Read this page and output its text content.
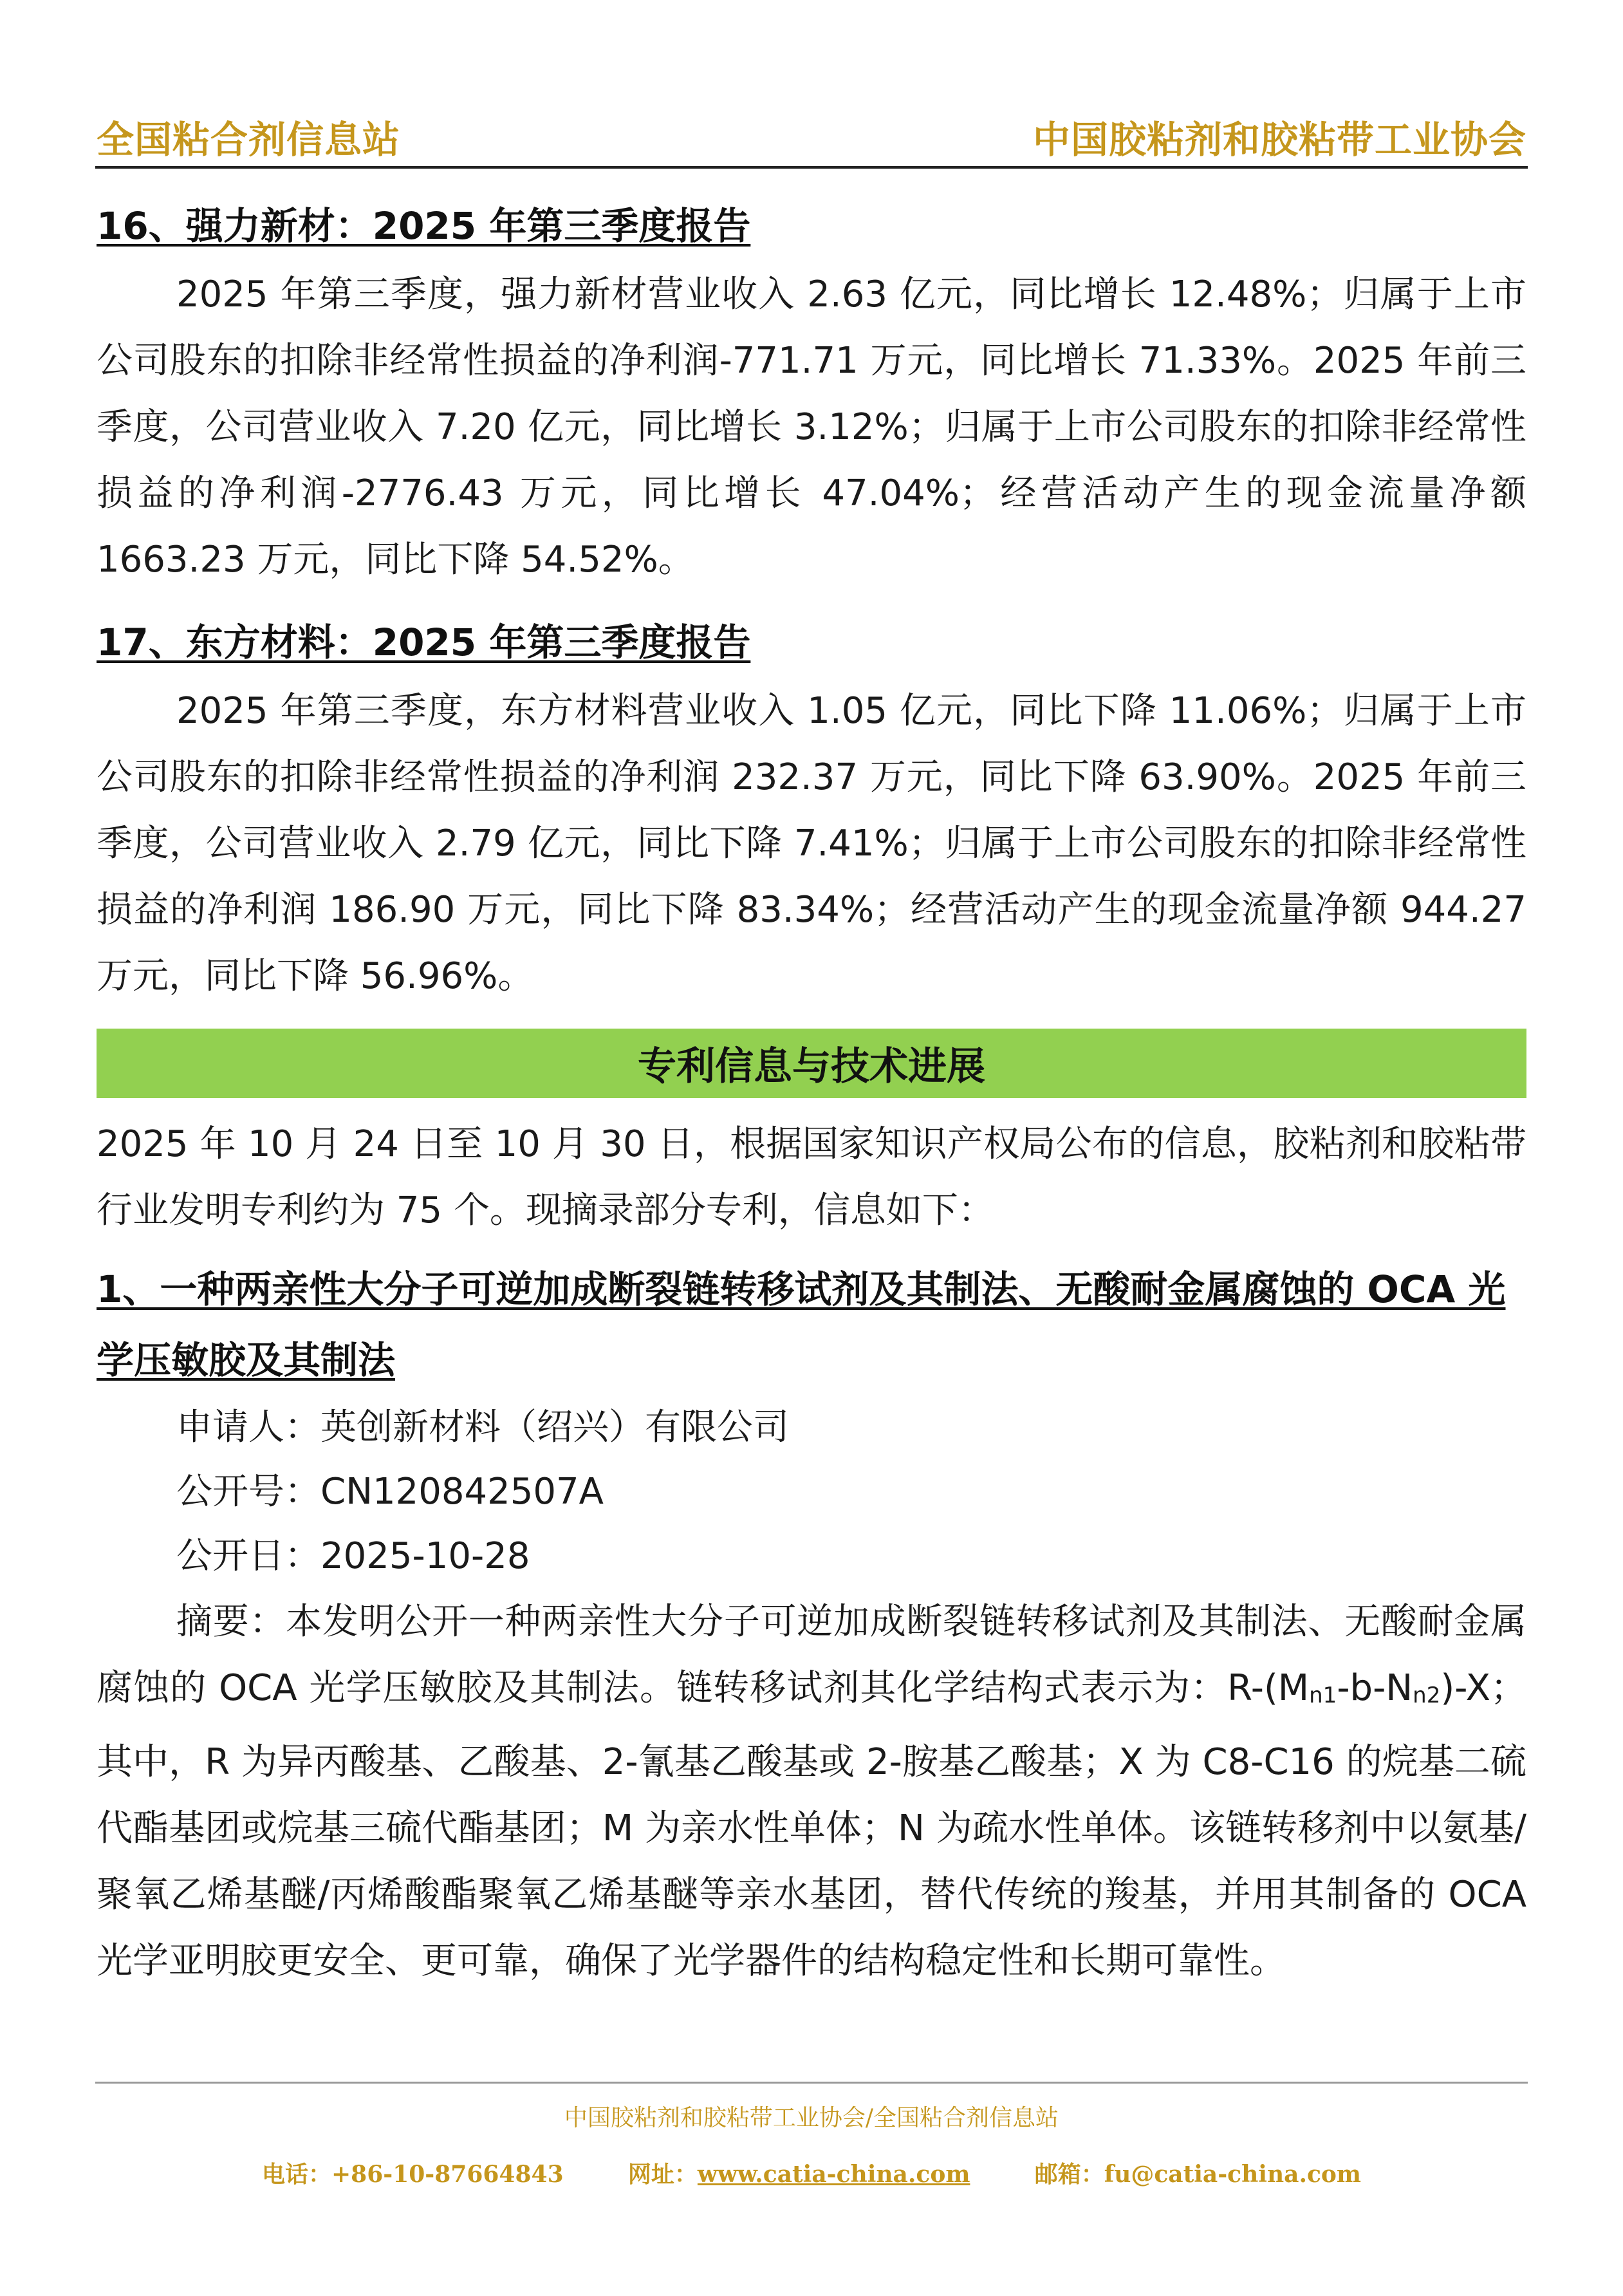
全国粘合剂信息站	中国胶粘剂和胶粘带工业协会
16、强力新材：2025 年第三季度报告
2025 年第三季度，强力新材营业收入 2.63 亿元，同比增长 12.48%；归属于上市公司股东的扣除非经常性损益的净利润-771.71 万元，同比增长 71.33%。2025 年前三季度，公司营业收入 7.20 亿元，同比增长 3.12%；归属于上市公司股东的扣除非经常性损益的净利润-2776.43 万元，同比增长 47.04%；经营活动产生的现金流量净额 1663.23 万元，同比下降 54.52%。
17、东方材料：2025 年第三季度报告
2025 年第三季度，东方材料营业收入 1.05 亿元，同比下降 11.06%；归属于上市公司股东的扣除非经常性损益的净利润 232.37 万元，同比下降 63.90%。2025 年前三季度，公司营业收入 2.79 亿元，同比下降 7.41%；归属于上市公司股东的扣除非经常性损益的净利润 186.90 万元，同比下降 83.34%；经营活动产生的现金流量净额 944.27 万元，同比下降 56.96%。
专利信息与技术进展
2025 年 10 月 24 日至 10 月 30 日，根据国家知识产权局公布的信息，胶粘剂和胶粘带行业发明专利约为 75 个。现摘录部分专利，信息如下：
1、一种两亲性大分子可逆加成断裂链转移试剂及其制法、无酸耐金属腐蚀的 OCA 光学压敏胶及其制法
申请人：英创新材料（绍兴）有限公司
公开号：CN120842507A
公开日：2025-10-28
摘要：本发明公开一种两亲性大分子可逆加成断裂链转移试剂及其制法、无酸耐金属腐蚀的 OCA 光学压敏胶及其制法。链转移试剂其化学结构式表示为：R-(Mn1-b-Nn2)-X；其中，R 为异丙酸基、乙酸基、2-氰基乙酸基或 2-胺基乙酸基；X 为 C8-C16 的烷基二硫代酯基团或烷基三硫代酯基团；M 为亲水性单体；N 为疏水性单体。该链转移剂中以氨基/聚氧乙烯基醚/丙烯酸酯聚氧乙烯基醚等亲水基团，替代传统的羧基，并用其制备的 OCA 光学亚明胶更安全、更可靠，确保了光学器件的结构稳定性和长期可靠性。
中国胶粘剂和胶粘带工业协会/全国粘合剂信息站
电话：+86-10-87664843	网址：www.catia-china.com	邮箱：fu@catia-china.com
